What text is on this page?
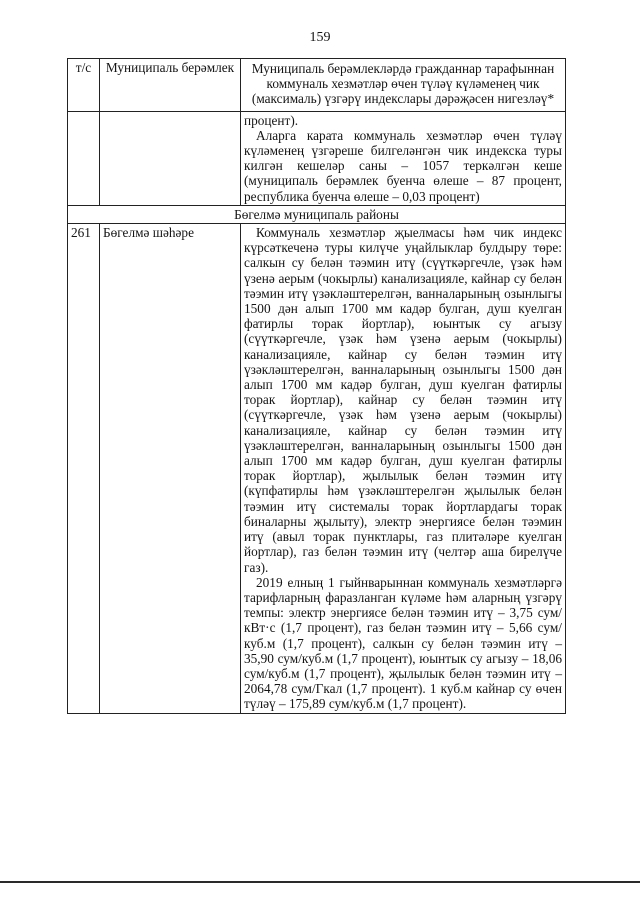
159
т/с	Муниципаль берәмлек	Муниципаль берәмлекләрдә гражданнар тарафыннан коммуналь хезмәтләр өчен түләү күләменең чик (максималь) үзгәрү индекслары дәрәҗәсен нигезләү*

		процент).

Аларга карата коммуналь хезмәтләр өчен түләү күләменең үзгәреше билгеләнгән чик индекска туры килгән кешеләр саны – 1057 теркәлгән кеше (муниципаль берәмлек буенча өлеше – 87 процент, республика буенча өлеше – 0,03 процент)

Бөгелмә муниципаль районы		
261	Бөгелмә шәһәре	Коммуналь хезмәтләр җыелмасы һәм чик индекс күрсәткеченә туры килүче уңайлыклар булдыру төре: салкын су белән тәэмин итү (сүүткәргечле, үзәк һәм үзенә аерым (чокырлы) канализацияле, кайнар су белән тәэмин итү үзәкләштерелгән, ванналарының озынлыгы 1500 дән алып 1700 мм кадәр булган, душ куелган фатирлы торак йортлар), юынтык су агызу (сүүткәргечле, үзәк һәм үзенә аерым (чокырлы) канализацияле, кайнар су белән тәэмин итү үзәкләштерелгән, ванналарының озынлыгы 1500 дән алып 1700 мм кадәр булган, душ куелган фатирлы торак йортлар), кайнар су белән тәэмин итү (сүүткәргечле, үзәк һәм үзенә аерым (чокырлы) канализацияле, кайнар су белән тәэмин итү үзәкләштерелгән, ванналарының озынлыгы 1500 дән алып 1700 мм кадәр булган, душ куелган фатирлы торак йортлар), җылылык белән тәэмин итү (күпфатирлы һәм үзәкләштерелгән җылылык белән тәэмин итү системалы торак йортлардагы торак биналарны җылыту), электр энергиясе белән тәэмин итү (авыл торак пунктлары, газ плитәләре куелган йортлар), газ белән тәэмин итү (челтәр аша бирелүче газ).

2019 елның 1 гыйнварыннан коммуналь хезмәтләргә тарифларның фаразланган күләме һәм аларның үзгәрү темпы: электр энергиясе белән тәэмин итү – 3,75 сум/кВт·с (1,7 процент), газ белән тәэмин итү – 5,66 сум/куб.м (1,7 процент), салкын су белән тәэмин итү – 35,90 сум/куб.м (1,7 процент), юынтык су агызу – 18,06 сум/куб.м (1,7 процент), җылылык белән тәэмин итү – 2064,78 сум/Гкал (1,7 процент). 1 куб.м кайнар су өчен түләү – 175,89 сум/куб.м (1,7 процент).
